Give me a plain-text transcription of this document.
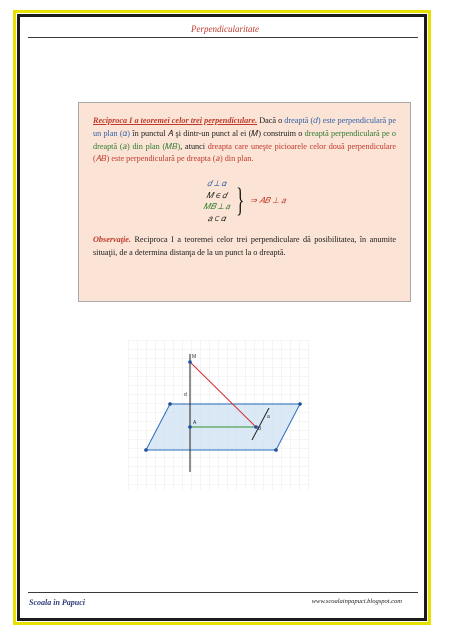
Perpendicularitate

Reciproca I a teoremei celor trei perpendiculare. Dacă o dreaptă (𝑑) este perpendiculară pe un plan (𝛼) în punctul 𝐴 şi dintr-un punct al ei (𝑀) construim o dreaptă perpendiculară pe o dreaptă (𝑎) din plan (𝑀𝐵), atunci dreapta care uneşte picioarele celor două perpendiculare (𝐴𝐵) este perpendiculară pe dreapta (𝑎) din plan.

𝑑 ⊥ 𝛼
𝑀 ∈ 𝑑
𝑀𝐵 ⊥ 𝑎
𝑎 ⊂ 𝛼 } ⇒ 𝐴𝐵 ⊥ 𝑎

Observaţie. Reciproca I a teoremei celor trei perpendiculare dă posibilitatea, în anumite situaţii, de a determina distanţa de la un punct la o dreaptă.

M
d
A
B
a
Scoala in Papuci	www.scoalainpapuci.blogspot.com
